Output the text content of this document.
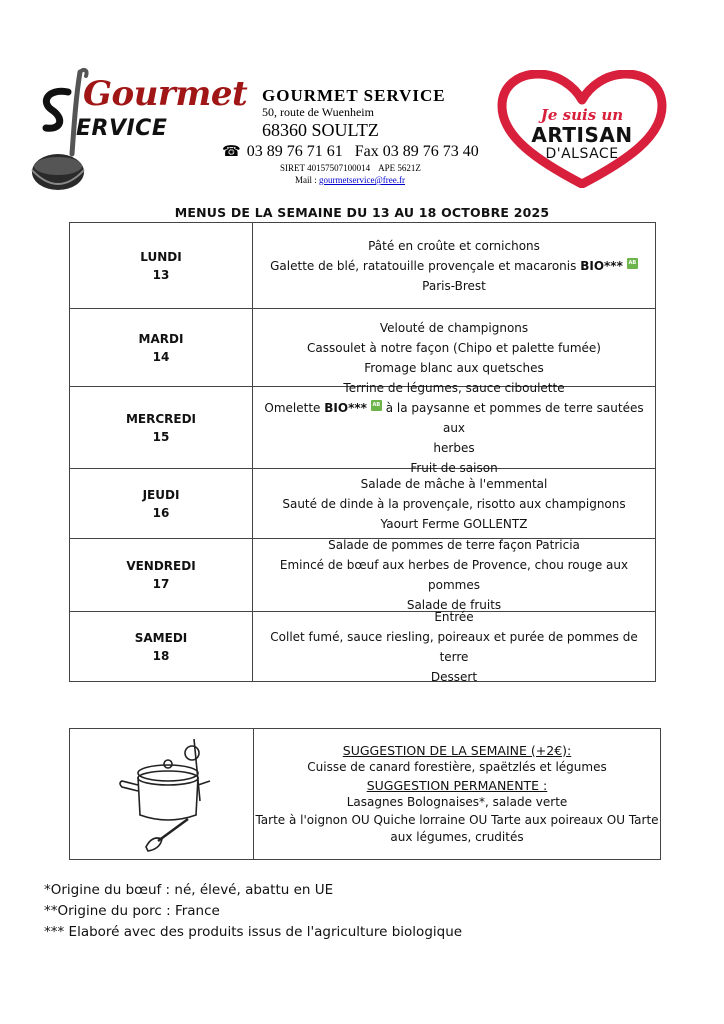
Gourmet
ERVICE
GOURMET SERVICE
50, route de Wuenheim
68360 SOULTZ
☎ 03 89 76 71 61 Fax 03 89 76 73 40
SIRET 40157507100014 APE 5621Z
Mail : gourmetservice@free.fr
Je suis un
ARTISAN
D'ALSACE
MENUS DE LA SEMAINE DU 13 AU 18 OCTOBRE 2025
LUNDI
13
Pâté en croûte et cornichons
Galette de blé, ratatouille provençale et macaronis BIO***AB
Paris-Brest
MARDI
14
Velouté de champignons
Cassoulet à notre façon (Chipo et palette fumée)
Fromage blanc aux quetsches
MERCREDI
15
Terrine de légumes, sauce ciboulette
Omelette BIO***AB à la paysanne et pommes de terre sautées aux
herbes
Fruit de saison
JEUDI
16
Salade de mâche à l'emmental
Sauté de dinde à la provençale, risotto aux champignons
Yaourt Ferme GOLLENTZ
VENDREDI
17
Salade de pommes de terre façon Patricia
Emincé de bœuf aux herbes de Provence, chou rouge aux pommes
Salade de fruits
SAMEDI
18
Entrée
Collet fumé, sauce riesling, poireaux et purée de pommes de terre
Dessert
SUGGESTION DE LA SEMAINE (+2€):
Cuisse de canard forestière, spaëtzlés et légumes
SUGGESTION PERMANENTE :
Lasagnes Bolognaises*, salade verte
Tarte à l'oignon OU Quiche lorraine OU Tarte aux poireaux OU Tarte
aux légumes, crudités
*Origine du bœuf : né, élevé, abattu en UE
**Origine du porc : France
*** Elaboré avec des produits issus de l'agriculture biologique
